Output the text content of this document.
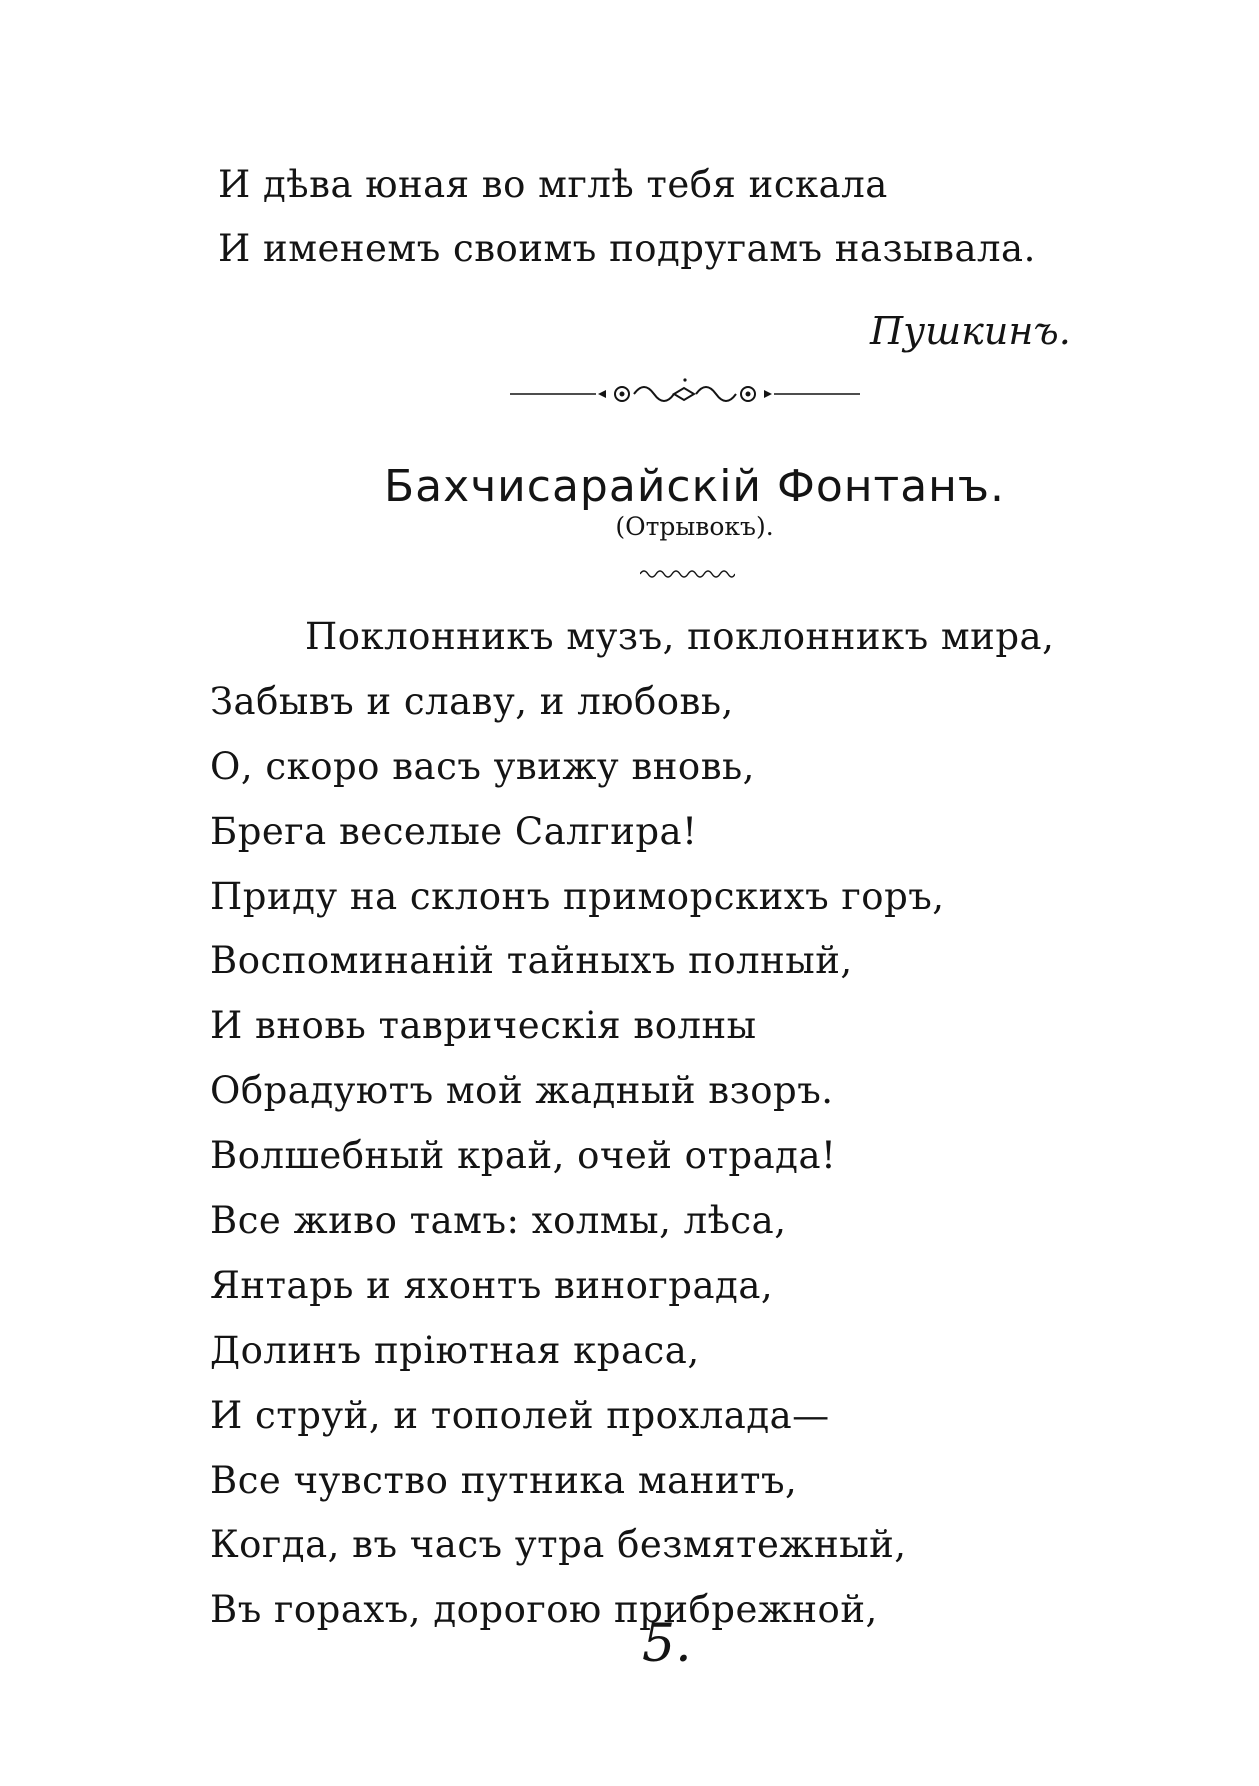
И дѣва юная во мглѣ тебя искала
И именемъ своимъ подругамъ называла.
Пушкинъ.
Бахчисарайскій Фонтанъ.
(Отрывокъ).
Поклонникъ музъ, поклонникъ мира,
Забывъ и славу, и любовь,
О, скоро васъ увижу вновь,
Брега веселые Салгира!
Приду на склонъ приморскихъ горъ,
Воспоминаній тайныхъ полный,
И вновь таврическія волны
Обрадуютъ мой жадный взоръ.
Волшебный край, очей отрада!
Все живо тамъ: холмы, лѣса,
Янтарь и яхонтъ винограда,
Долинъ пріютная краса,
И струй, и тополей прохлада—
Все чувство путника манитъ,
Когда, въ часъ утра безмятежный,
Въ горахъ, дорогою прибрежной,
5.
